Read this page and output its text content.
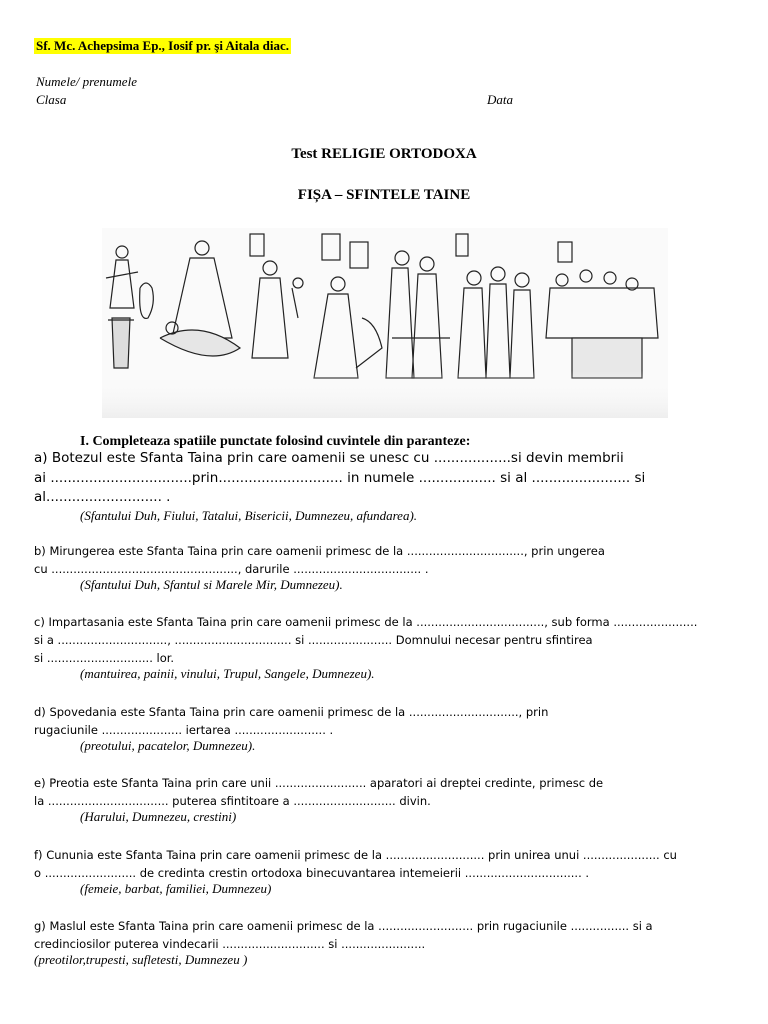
Sf. Mc. Achepsima Ep., Iosif pr. şi Aitala diac.
Numele/ prenumele
Clasa	Data
Test RELIGIE ORTODOXA
FIȘA – SFINTELE TAINE
I. Completeaza spatiile punctate folosind cuvintele din paranteze:
a) Botezul este Sfanta Taina prin care oamenii se unesc cu ..................si devin membrii
ai .................................prin............................. in numele .................. si al ....................... si
al........................... .
(Sfantului Duh, Fiului, Tatalui, Bisericii, Dumnezeu, afundarea).
b) Mirungerea este Sfanta Taina prin care oamenii primesc de la ................................, prin ungerea
cu ..................................................., darurile ................................... .
(Sfantului Duh, Sfantul si Marele Mir, Dumnezeu).
c) Impartasania este Sfanta Taina prin care oamenii primesc de la ..................................., sub forma .......................
si a .............................., ................................ si ....................... Domnului necesar pentru sfintirea
si ............................. lor.
(mantuirea, painii, vinului, Trupul, Sangele, Dumnezeu).
d) Spovedania este Sfanta Taina prin care oamenii primesc de la .............................., prin
rugaciunile ...................... iertarea ......................... .
(preotului, pacatelor, Dumnezeu).
e) Preotia este Sfanta Taina prin care unii ......................... aparatori ai dreptei credinte, primesc de
la ................................. puterea sfintitoare a ............................ divin.
(Harului, Dumnezeu, crestini)
f) Cununia este Sfanta Taina prin care oamenii primesc de la ........................... prin unirea unui ..................... cu
o ......................... de credinta crestin ortodoxa binecuvantarea intemeierii ................................ .
(femeie, barbat, familiei, Dumnezeu)
g) Maslul este Sfanta Taina prin care oamenii primesc de la .......................... prin rugaciunile ................ si a
credinciosilor puterea vindecarii ............................ si .......................
(preotilor,trupesti, sufletesti, Dumnezeu )
